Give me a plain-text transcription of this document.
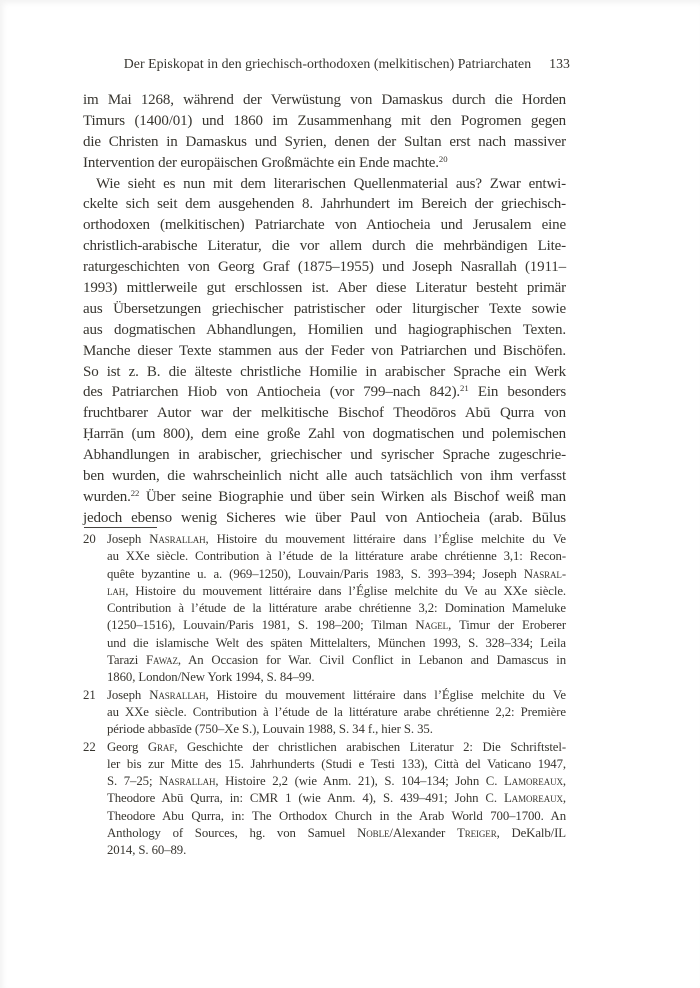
Der Episkopat in den griechisch-orthodoxen (melkitischen) Patriarchaten 133
im Mai 1268, während der Verwüstung von Damaskus durch die Horden
Timurs (1400/01) und 1860 im Zusammenhang mit den Pogromen gegen
die Christen in Damaskus und Syrien, denen der Sultan erst nach massiver
Intervention der europäischen Großmächte ein Ende machte.$^{20}$
Wie sieht es nun mit dem literarischen Quellenmaterial aus? Zwar entwi-
ckelte sich seit dem ausgehenden 8. Jahrhundert im Bereich der griechisch-
orthodoxen (melkitischen) Patriarchate von Antiocheia und Jerusalem eine
christlich-arabische Literatur, die vor allem durch die mehrbändigen Lite-
raturgeschichten von Georg Graf (1875–1955) und Joseph Nasrallah (1911–
1993) mittlerweile gut erschlossen ist. Aber diese Literatur besteht primär
aus Übersetzungen griechischer patristischer oder liturgischer Texte sowie
aus dogmatischen Abhandlungen, Homilien und hagiographischen Texten.
Manche dieser Texte stammen aus der Feder von Patriarchen und Bischöfen.
So ist z. B. die älteste christliche Homilie in arabischer Sprache ein Werk
des Patriarchen Hiob von Antiocheia (vor 799–nach 842).$^{21}$ Ein besonders
fruchtbarer Autor war der melkitische Bischof Theodōros Abū Qurra von
Ḥarrān (um 800), dem eine große Zahl von dogmatischen und polemischen
Abhandlungen in arabischer, griechischer und syrischer Sprache zugeschrie-
ben wurden, die wahrscheinlich nicht alle auch tatsächlich von ihm verfasst
wurden.$^{22}$ Über seine Biographie und über sein Wirken als Bischof weiß man
jedoch ebenso wenig Sicheres wie über Paul von Antiocheia (arab. Būlus
20 Joseph Nasrallah, Histoire du mouvement littéraire dans l’Église melchite du Ve
au XXe siècle. Contribution à l’étude de la littérature arabe chrétienne 3,1: Recon-
quête byzantine u. a. (969–1250), Louvain/Paris 1983, S. 393–394; Joseph Nasral-
lah, Histoire du mouvement littéraire dans l’Église melchite du Ve au XXe siècle.
Contribution à l’étude de la littérature arabe chrétienne 3,2: Domination Mameluke
(1250–1516), Louvain/Paris 1981, S. 198–200; Tilman Nagel, Timur der Eroberer
und die islamische Welt des späten Mittelalters, München 1993, S. 328–334; Leila
Tarazi Fawaz, An Occasion for War. Civil Conflict in Lebanon and Damascus in
1860, London/New York 1994, S. 84–99.
21 Joseph Nasrallah, Histoire du mouvement littéraire dans l’Église melchite du Ve
au XXe siècle. Contribution à l’étude de la littérature arabe chrétienne 2,2: Première
période abbasīde (750–Xe S.), Louvain 1988, S. 34 f., hier S. 35.
22 Georg Graf, Geschichte der christlichen arabischen Literatur 2: Die Schriftstel-
ler bis zur Mitte des 15. Jahrhunderts (Studi e Testi 133), Città del Vaticano 1947,
S. 7–25; Nasrallah, Histoire 2,2 (wie Anm. 21), S. 104–134; John C. Lamoreaux,
Theodore Abū Qurra, in: CMR 1 (wie Anm. 4), S. 439–491; John C. Lamoreaux,
Theodore Abu Qurra, in: The Orthodox Church in the Arab World 700–1700. An
Anthology of Sources, hg. von Samuel Noble/Alexander Treiger, DeKalb/IL
2014, S. 60–89.
